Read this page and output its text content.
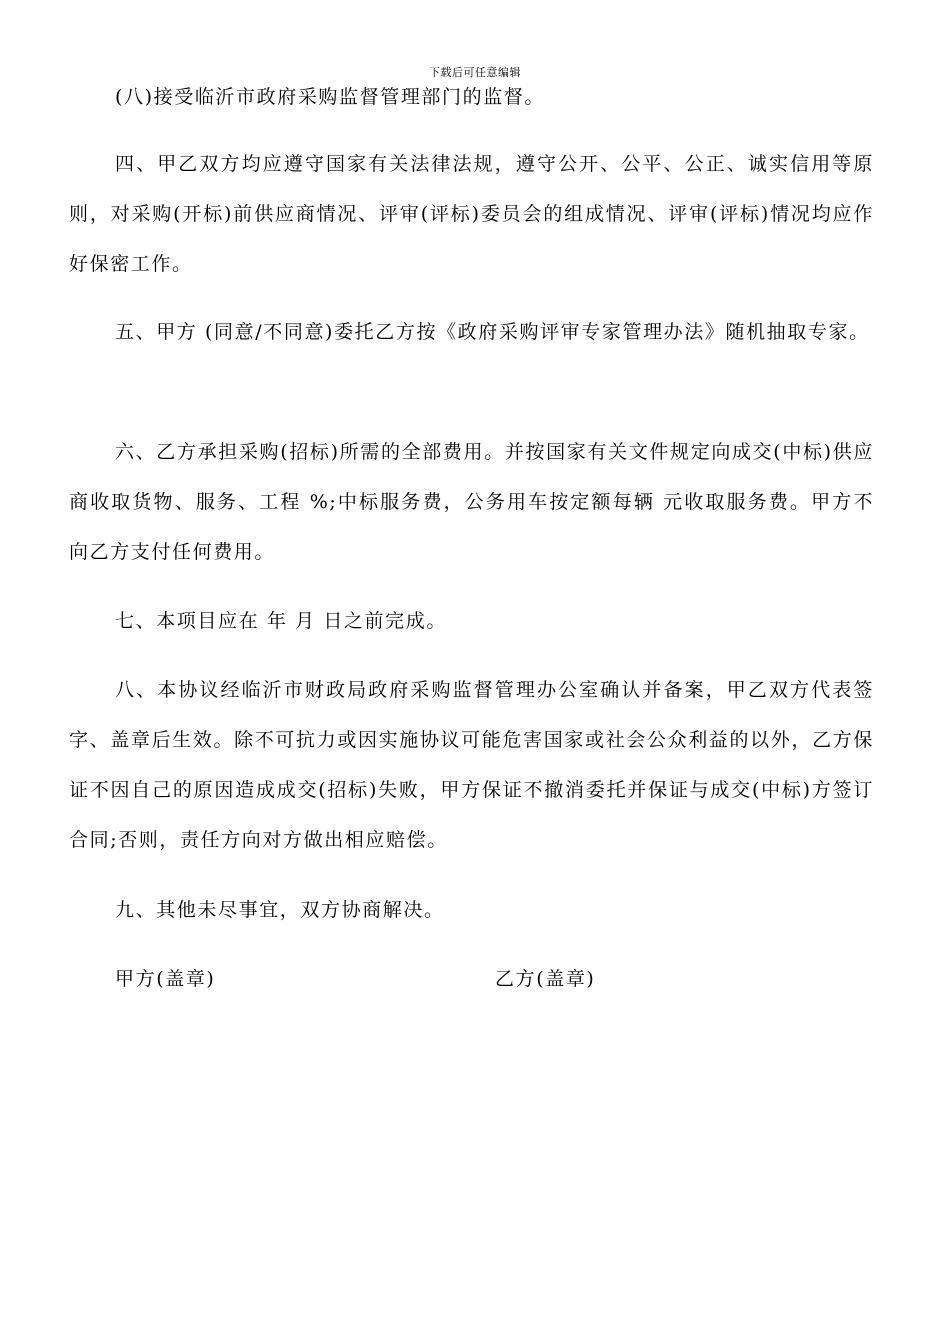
下载后可任意编辑

(八)接受临沂市政府采购监督管理部门的监督。

四、甲乙双方均应遵守国家有关法律法规，遵守公开、公平、公正、诚实信用等原则，对采购(开标)前供应商情况、评审(评标)委员会的组成情况、评审(评标)情况均应作好保密工作。

五、甲方 (同意/不同意)委托乙方按《政府采购评审专家管理办法》随机抽取专家。

六、乙方承担采购(招标)所需的全部费用。并按国家有关文件规定向成交(中标)供应商收取货物、服务、工程 %;中标服务费，公务用车按定额每辆 元收取服务费。甲方不向乙方支付任何费用。

七、本项目应在 年 月 日之前完成。

八、本协议经临沂市财政局政府采购监督管理办公室确认并备案，甲乙双方代表签字、盖章后生效。除不可抗力或因实施协议可能危害国家或社会公众利益的以外，乙方保证不因自己的原因造成成交(招标)失败，甲方保证不撤消委托并保证与成交(中标)方签订合同;否则，责任方向对方做出相应赔偿。

九、其他未尽事宜，双方协商解决。

甲方(盖章)	乙方(盖章)
